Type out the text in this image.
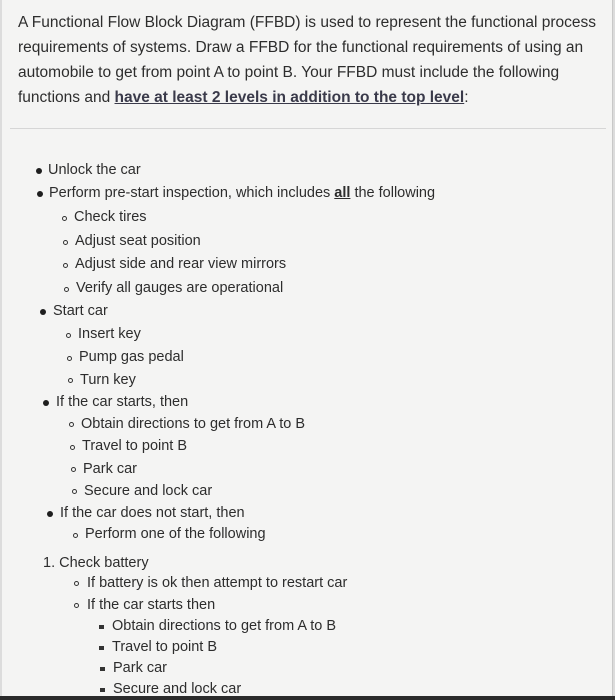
A Functional Flow Block Diagram (FFBD) is used to represent the functional process requirements of systems. Draw a FFBD for the functional requirements of using an automobile to get from point A to point B. Your FFBD must include the following functions and have at least 2 levels in addition to the top level:
Unlock the car
Perform pre-start inspection, which includes all the following
Check tires
Adjust seat position
Adjust side and rear view mirrors
Verify all gauges are operational
Start car
Insert key
Pump gas pedal
Turn key
If the car starts, then
Obtain directions to get from A to B
Travel to point B
Park car
Secure and lock car
If the car does not start, then
Perform one of the following
1. Check battery
If battery is ok then attempt to restart car
If the car starts then
Obtain directions to get from A to B
Travel to point B
Park car
Secure and lock car
